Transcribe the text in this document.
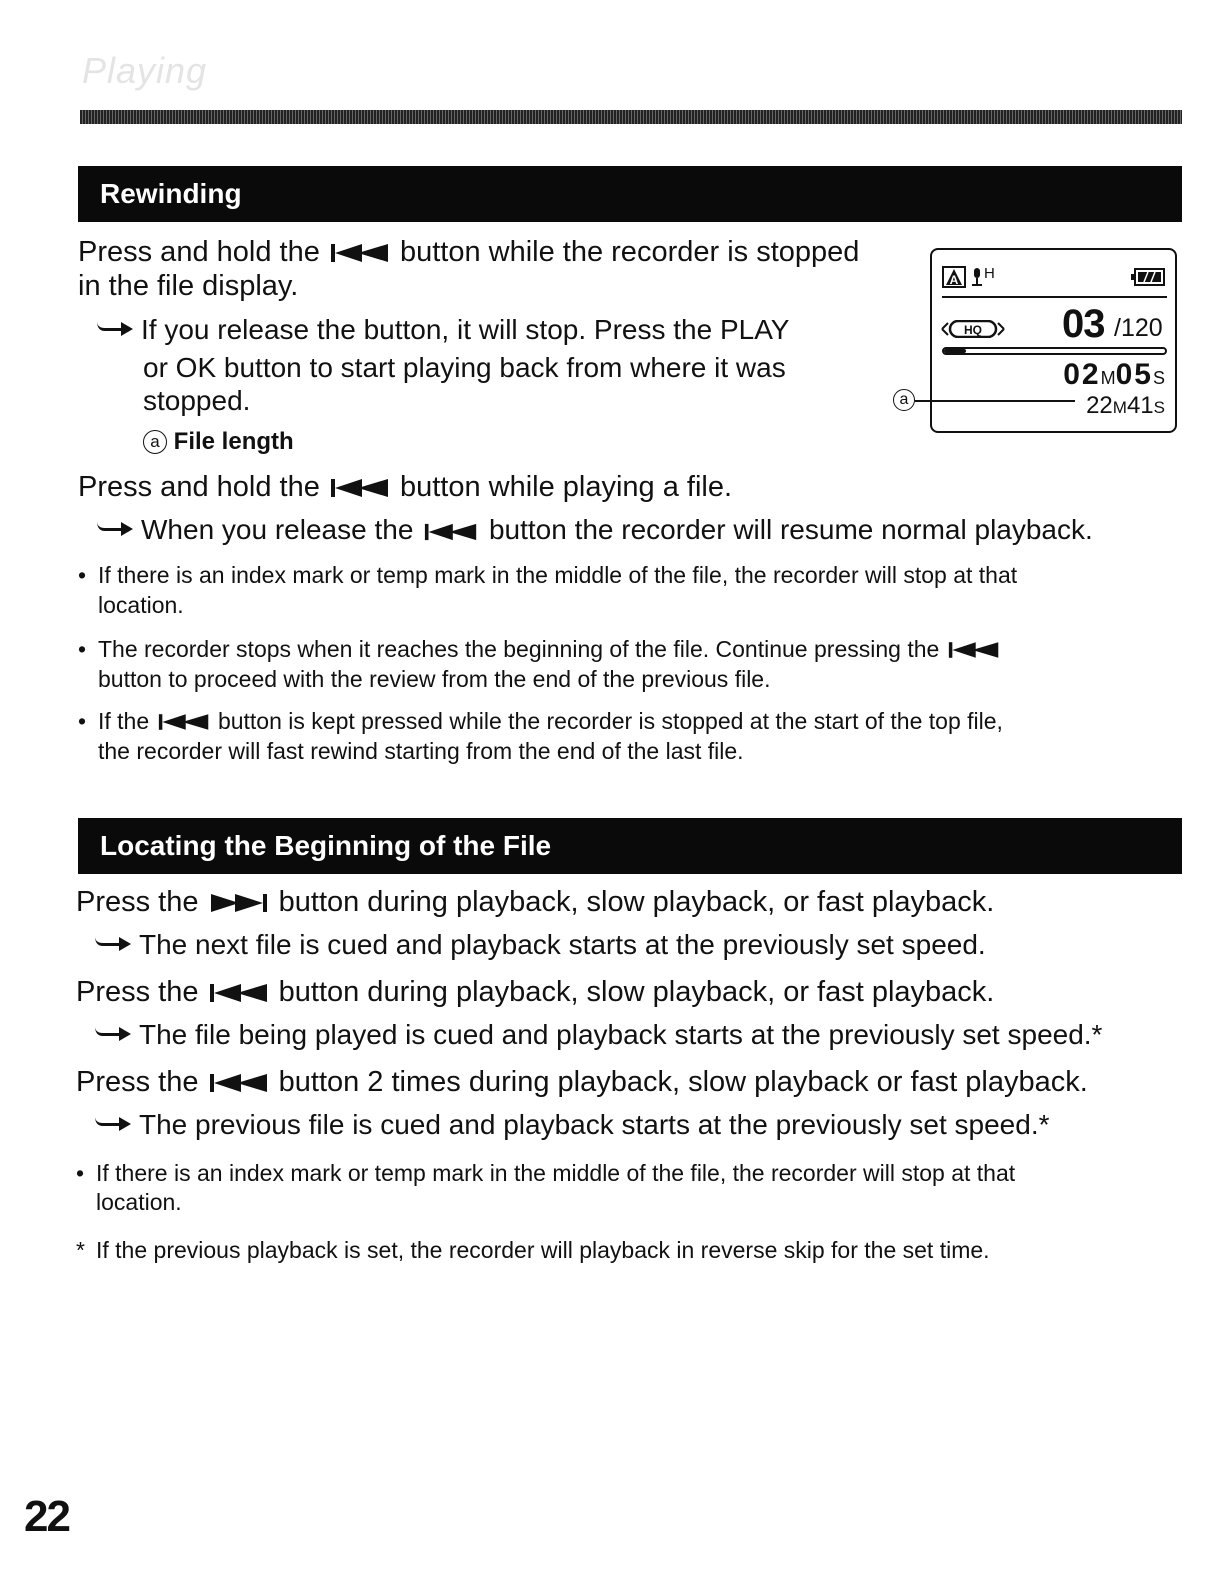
Playing
Rewinding
Press and hold the	button while the recorder is stopped
in the file display.
If you release the button, it will stop. Press the PLAY
or OK button to start playing back from where it was
stopped.
a File length
A H
HQ 03 /120
02M05S
22M41S
a
Press and hold the	button while playing a file.
When you release the	button the recorder will resume normal playback.
• If there is an index mark or temp mark in the middle of the file, the recorder will stop at that
location.
• The recorder stops when it reaches the beginning of the file. Continue pressing the
button to proceed with the review from the end of the previous file.
• If the	button is kept pressed while the recorder is stopped at the start of the top file,
the recorder will fast rewind starting from the end of the last file.
Locating the Beginning of the File
Press the	button during playback, slow playback, or fast playback.
The next file is cued and playback starts at the previously set speed.
Press the	button during playback, slow playback, or fast playback.
The file being played is cued and playback starts at the previously set speed.*
Press the	button 2 times during playback, slow playback or fast playback.
The previous file is cued and playback starts at the previously set speed.*
• If there is an index mark or temp mark in the middle of the file, the recorder will stop at that
location.
* If the previous playback is set, the recorder will playback in reverse skip for the set time.
22
